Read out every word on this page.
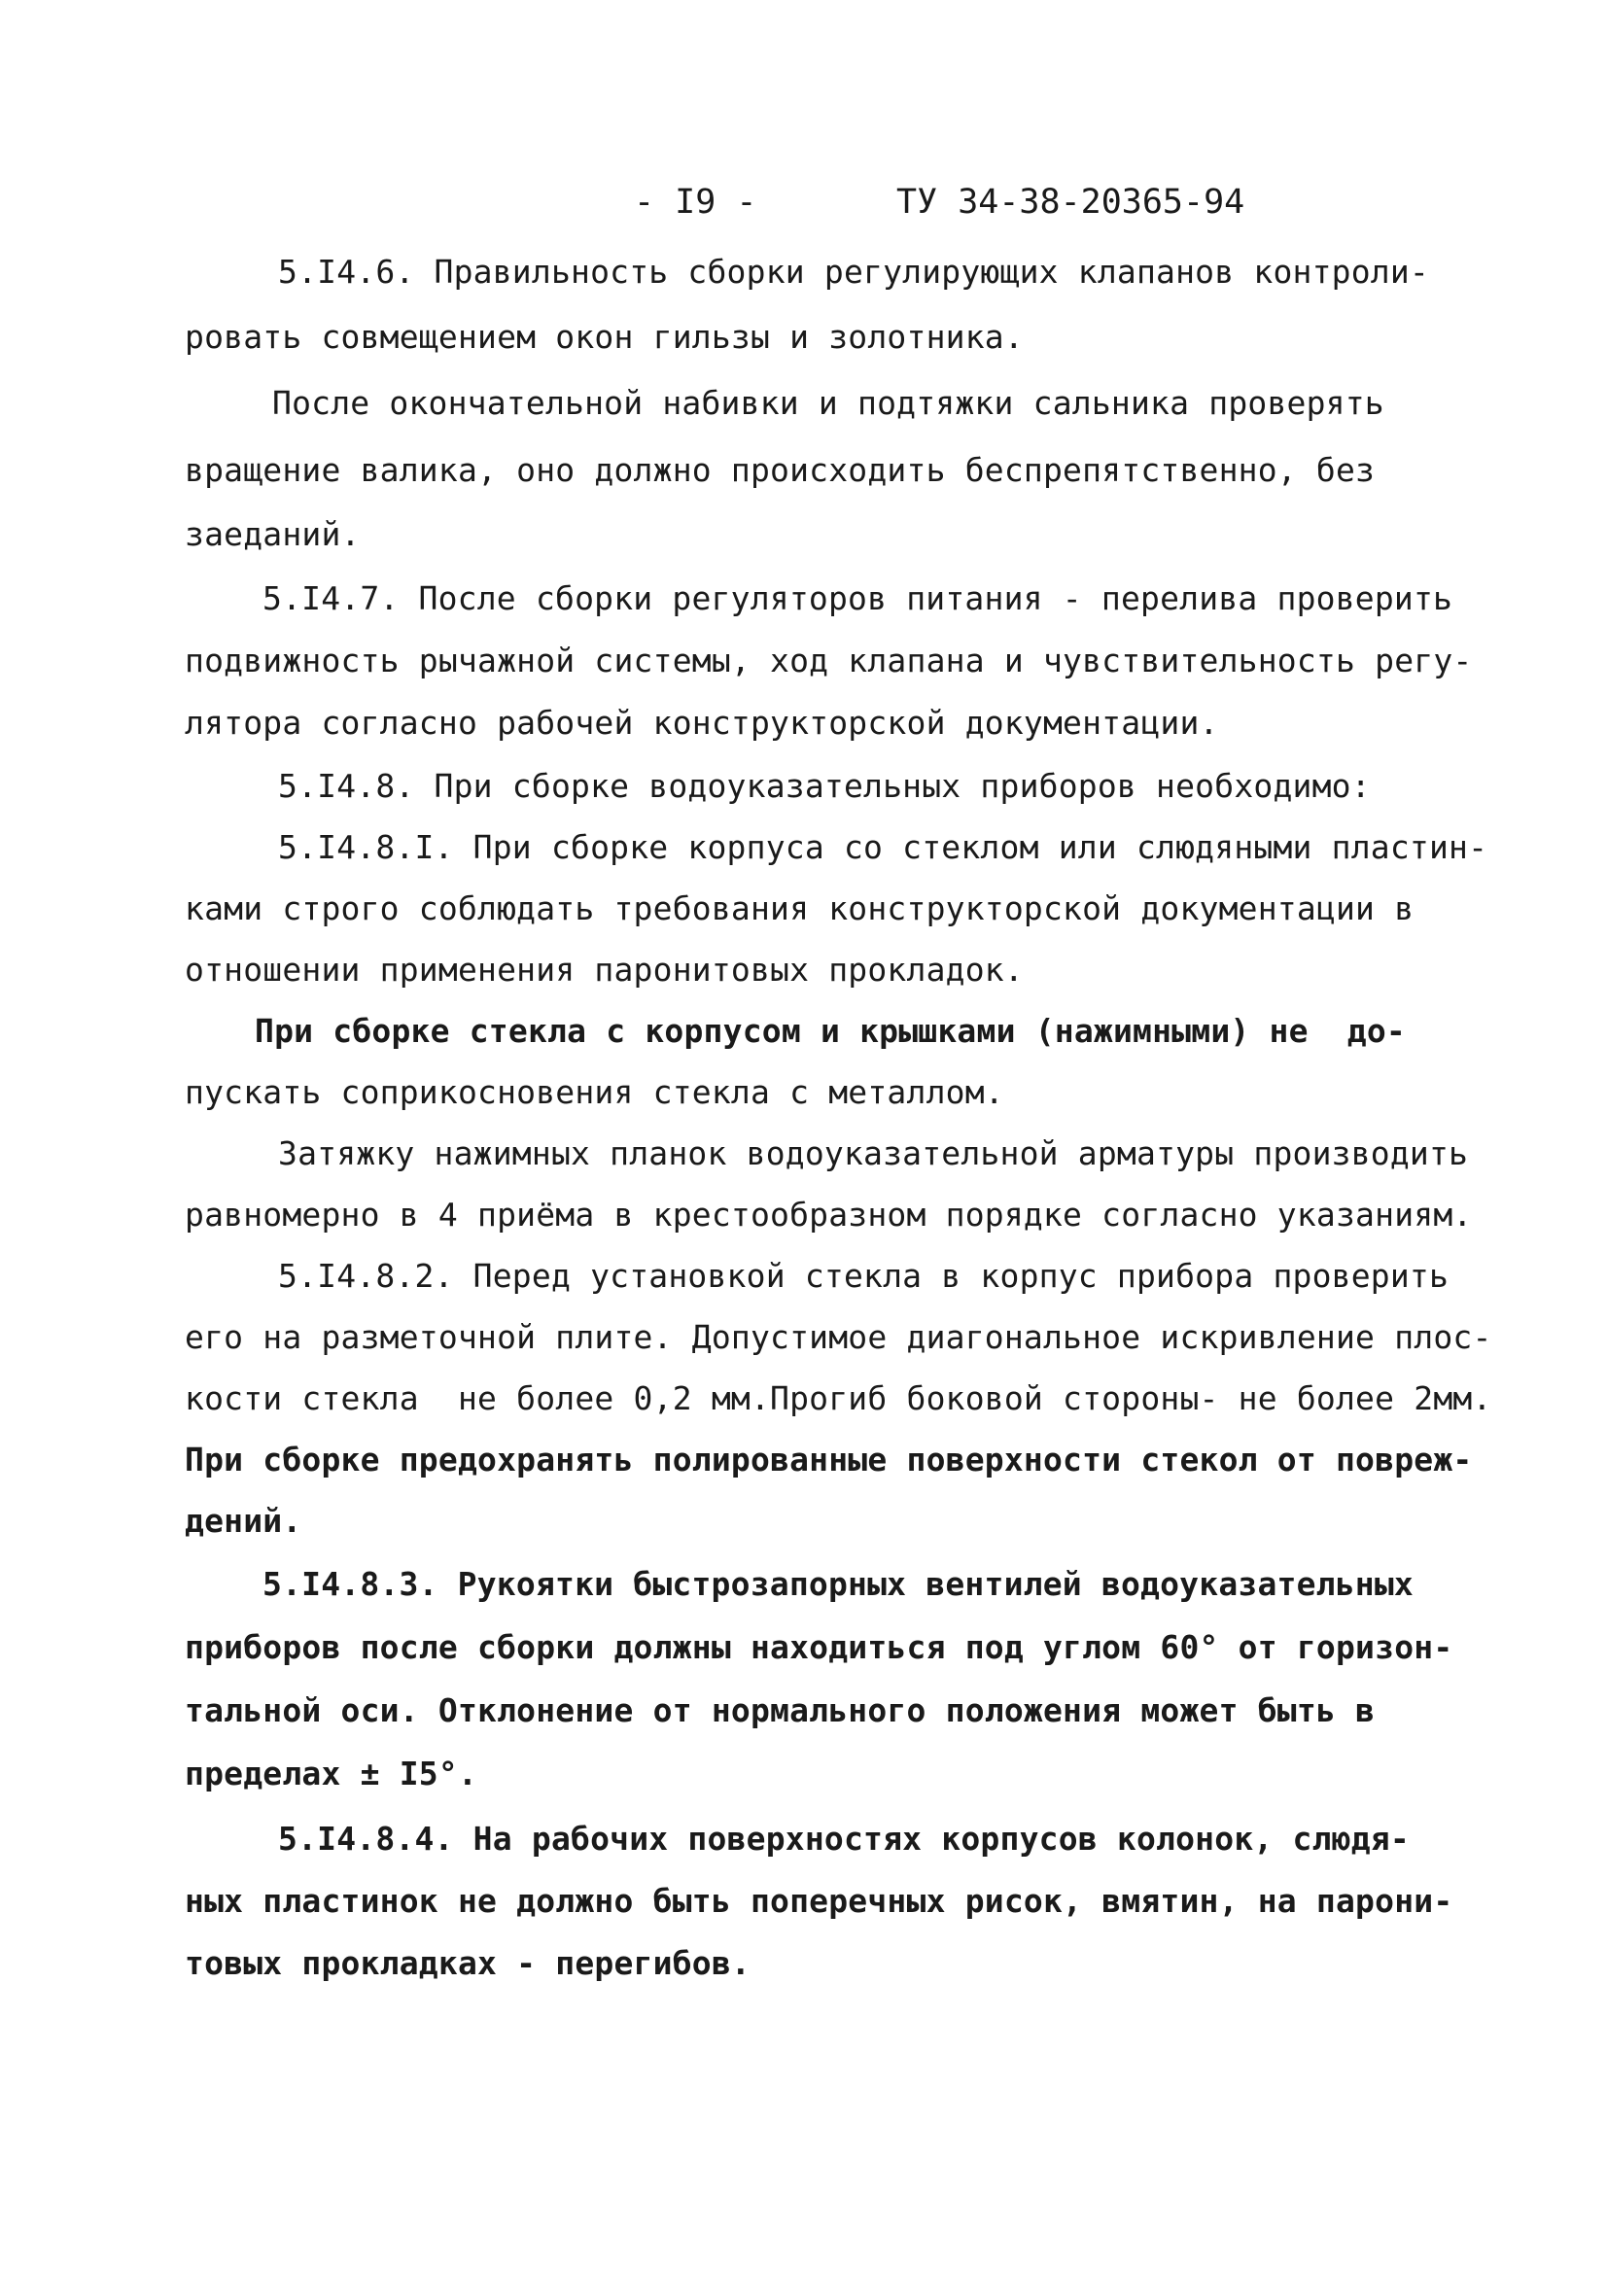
- I9 -	ТУ 34-38-20365-94
5.I4.6. Правильность сборки регулирующих клапанов контроли-
ровать совмещением окон гильзы и золотника.
После окончательной набивки и подтяжки сальника проверять
вращение валика, оно должно происходить беспрепятственно, без
заеданий.
5.I4.7. После сборки регуляторов питания - перелива проверить
подвижность рычажной системы, ход клапана и чувствительность регу-
лятора согласно рабочей конструкторской документации.
5.I4.8. При сборке водоуказательных приборов необходимо:
5.I4.8.I. При сборке корпуса со стеклом или слюдяными пластин-
ками строго соблюдать требования конструкторской документации в
отношении применения паронитовых прокладок.
При сборке стекла с корпусом и крышками (нажимными) не  до-
пускать соприкосновения стекла с металлом.
Затяжку нажимных планок водоуказательной арматуры производить
равномерно в 4 приёма в крестообразном порядке согласно указаниям.
5.I4.8.2. Перед установкой стекла в корпус прибора проверить
его на разметочной плите. Допустимое диагональное искривление плос-
кости стекла  не более 0,2 мм.Прогиб боковой стороны- не более 2мм.
При сборке предохранять полированные поверхности стекол от повреж-
дений.
5.I4.8.3. Рукоятки быстрозапорных вентилей водоуказательных
приборов после сборки должны находиться под углом 60° от горизон-
тальной оси. Отклонение от нормального положения может быть в
пределах ± I5°.
5.I4.8.4. На рабочих поверхностях корпусов колонок, слюдя-
ных пластинок не должно быть поперечных рисок, вмятин, на парони-
товых прокладках - перегибов.
